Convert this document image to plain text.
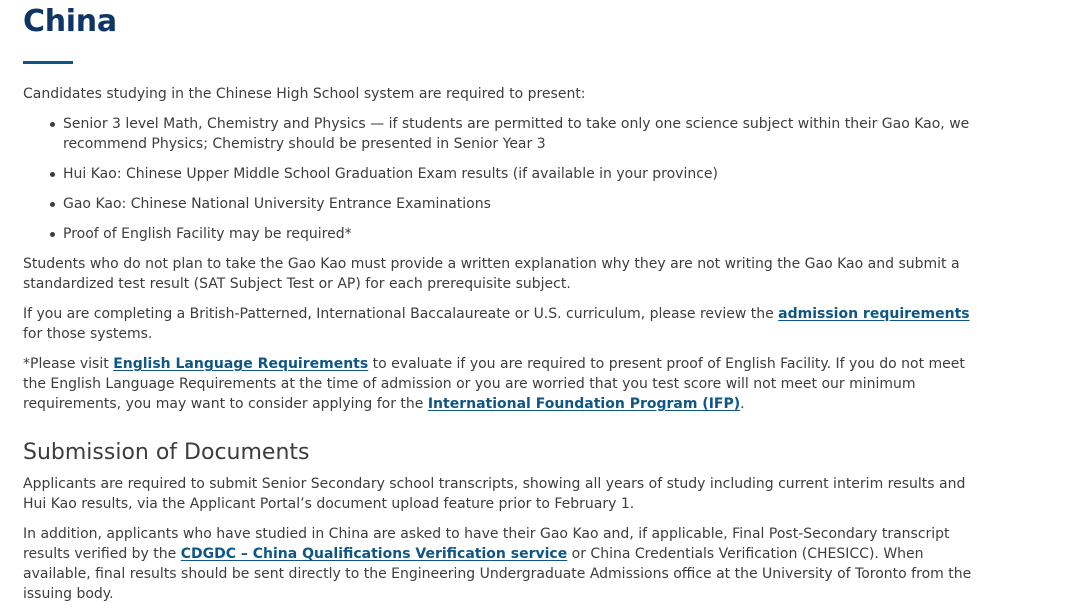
China

Candidates studying in the Chinese High School system are required to present:

Senior 3 level Math, Chemistry and Physics — if students are permitted to take only one science subject within their Gao Kao, we recommend Physics; Chemistry should be presented in Senior Year 3
Hui Kao: Chinese Upper Middle School Graduation Exam results (if available in your province)
Gao Kao: Chinese National University Entrance Examinations
Proof of English Facility may be required*

Students who do not plan to take the Gao Kao must provide a written explanation why they are not writing the Gao Kao and submit a standardized test result (SAT Subject Test or AP) for each prerequisite subject.

If you are completing a British-Patterned, International Baccalaureate or U.S. curriculum, please review the admission requirements for those systems.

*Please visit English Language Requirements to evaluate if you are required to present proof of English Facility. If you do not meet the English Language Requirements at the time of admission or you are worried that you test score will not meet our minimum requirements, you may want to consider applying for the International Foundation Program (IFP).

Submission of Documents

Applicants are required to submit Senior Secondary school transcripts, showing all years of study including current interim results and Hui Kao results, via the Applicant Portal’s document upload feature prior to February 1.

In addition, applicants who have studied in China are asked to have their Gao Kao and, if applicable, Final Post-Secondary transcript results verified by the CDGDC – China Qualifications Verification service or China Credentials Verification (CHESICC). When available, final results should be sent directly to the Engineering Undergraduate Admissions office at the University of Toronto from the issuing body.
